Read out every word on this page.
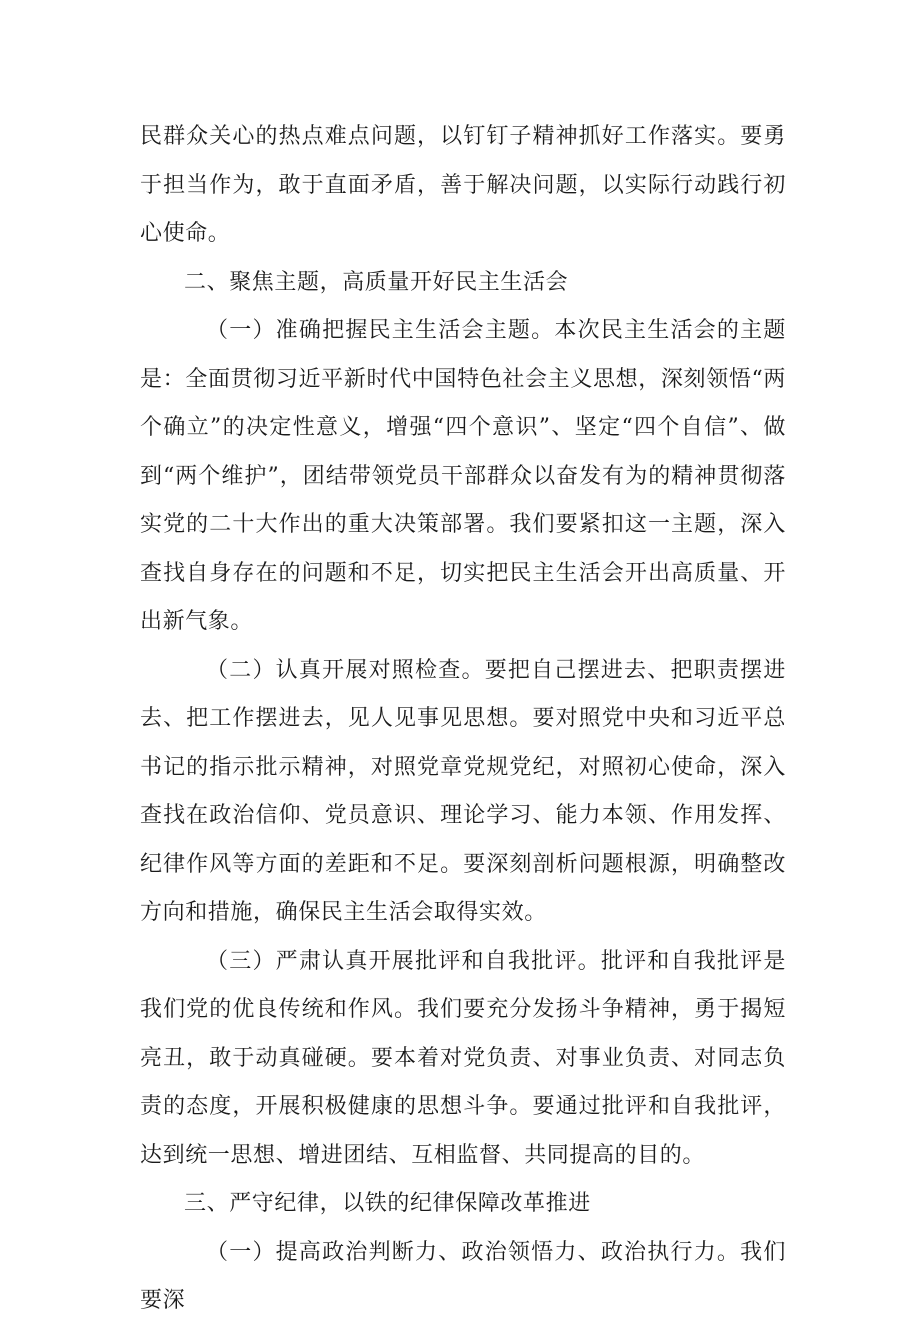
民群众关心的热点难点问题，以钉钉子精神抓好工作落实。要勇于担当作为，敢于直面矛盾，善于解决问题，以实际行动践行初心使命。

二、聚焦主题，高质量开好民主生活会

（一）准确把握民主生活会主题。本次民主生活会的主题是：全面贯彻习近平新时代中国特色社会主义思想，深刻领悟“两个确立”的决定性意义，增强“四个意识”、坚定“四个自信”、做到“两个维护”，团结带领党员干部群众以奋发有为的精神贯彻落实党的二十大作出的重大决策部署。我们要紧扣这一主题，深入查找自身存在的问题和不足，切实把民主生活会开出高质量、开出新气象。

（二）认真开展对照检查。要把自己摆进去、把职责摆进去、把工作摆进去，见人见事见思想。要对照党中央和习近平总书记的指示批示精神，对照党章党规党纪，对照初心使命，深入查找在政治信仰、党员意识、理论学习、能力本领、作用发挥、纪律作风等方面的差距和不足。要深刻剖析问题根源，明确整改方向和措施，确保民主生活会取得实效。

（三）严肃认真开展批评和自我批评。批评和自我批评是我们党的优良传统和作风。我们要充分发扬斗争精神，勇于揭短亮丑，敢于动真碰硬。要本着对党负责、对事业负责、对同志负责的态度，开展积极健康的思想斗争。要通过批评和自我批评，达到统一思想、增进团结、互相监督、共同提高的目的。

三、严守纪律，以铁的纪律保障改革推进

（一）提高政治判断力、政治领悟力、政治执行力。我们要深
